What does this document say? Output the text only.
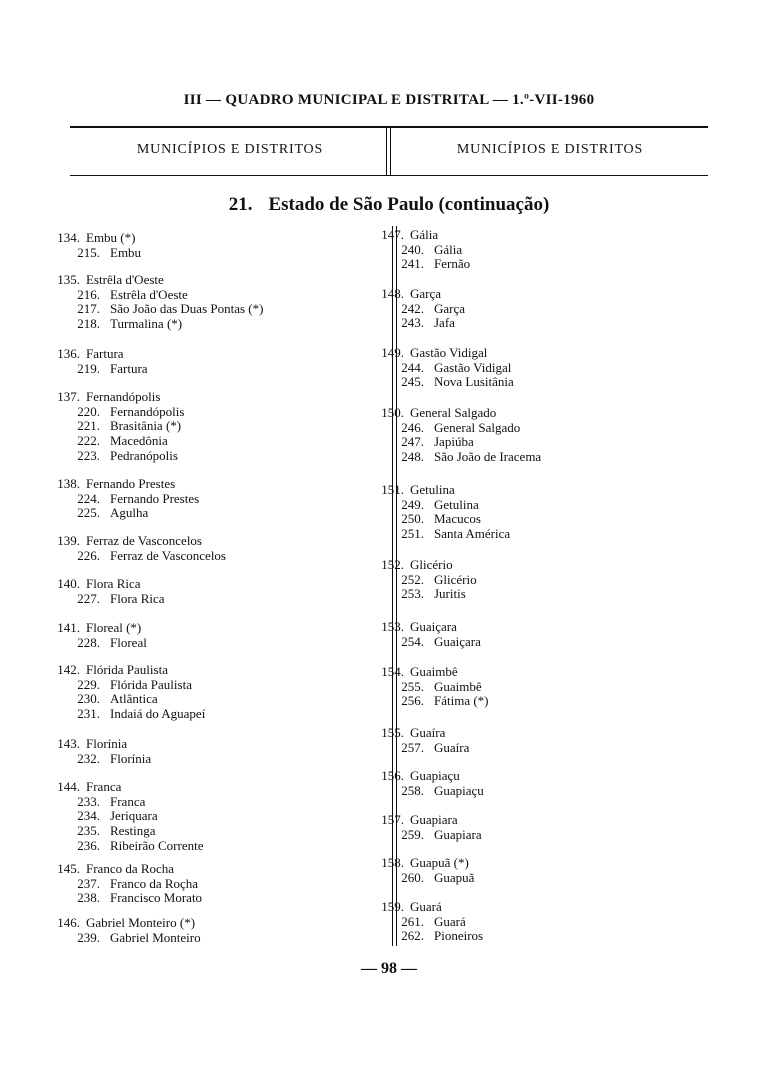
III — QUADRO MUNICIPAL E DISTRITAL — 1.º-VII-1960
MUNICÍPIOS E DISTRITOS	MUNICÍPIOS E DISTRITOS
21. Estado de São Paulo (continuação)
134. Embu (*)
215. Embu
135. Estrêla d'Oeste
216. Estrêla d'Oeste
217. São João das Duas Pontas (*)
218. Turmalina (*)
136. Fartura
219. Fartura
137. Fernandópolis
220. Fernandópolis
221. Brasitânia (*)
222. Macedônia
223. Pedranópolis
138. Fernando Prestes
224. Fernando Prestes
225. Agulha
139. Ferraz de Vasconcelos
226. Ferraz de Vasconcelos
140. Flora Rica
227. Flora Rica
141. Floreal (*)
228. Floreal
142. Flórida Paulista
229. Flórida Paulista
230. Atlântica
231. Indaiá do Aguapeí
143. Florínia
232. Florínia
144. Franca
233. Franca
234. Jeriquara
235. Restinga
236. Ribeirão Corrente
145. Franco da Rocha
237. Franco da Roçha
238. Francisco Morato
146. Gabriel Monteiro (*)
239. Gabriel Monteiro
147. Gália
240. Gália
241. Fernão
148. Garça
242. Garça
243. Jafa
149. Gastão Vidigal
244. Gastão Vidigal
245. Nova Lusitânia
150. General Salgado
246. General Salgado
247. Japiúba
248. São João de Iracema
151. Getulina
249. Getulina
250. Macucos
251. Santa América
152. Glicério
252. Glicério
253. Juritis
153. Guaiçara
254. Guaiçara
154. Guaimbê
255. Guaimbê
256. Fátima (*)
155. Guaíra
257. Guaíra
156. Guapiaçu
258. Guapiaçu
157. Guapiara
259. Guapiara
158. Guapuã (*)
260. Guapuã
159. Guará
261. Guará
262. Pioneiros
— 98 —
